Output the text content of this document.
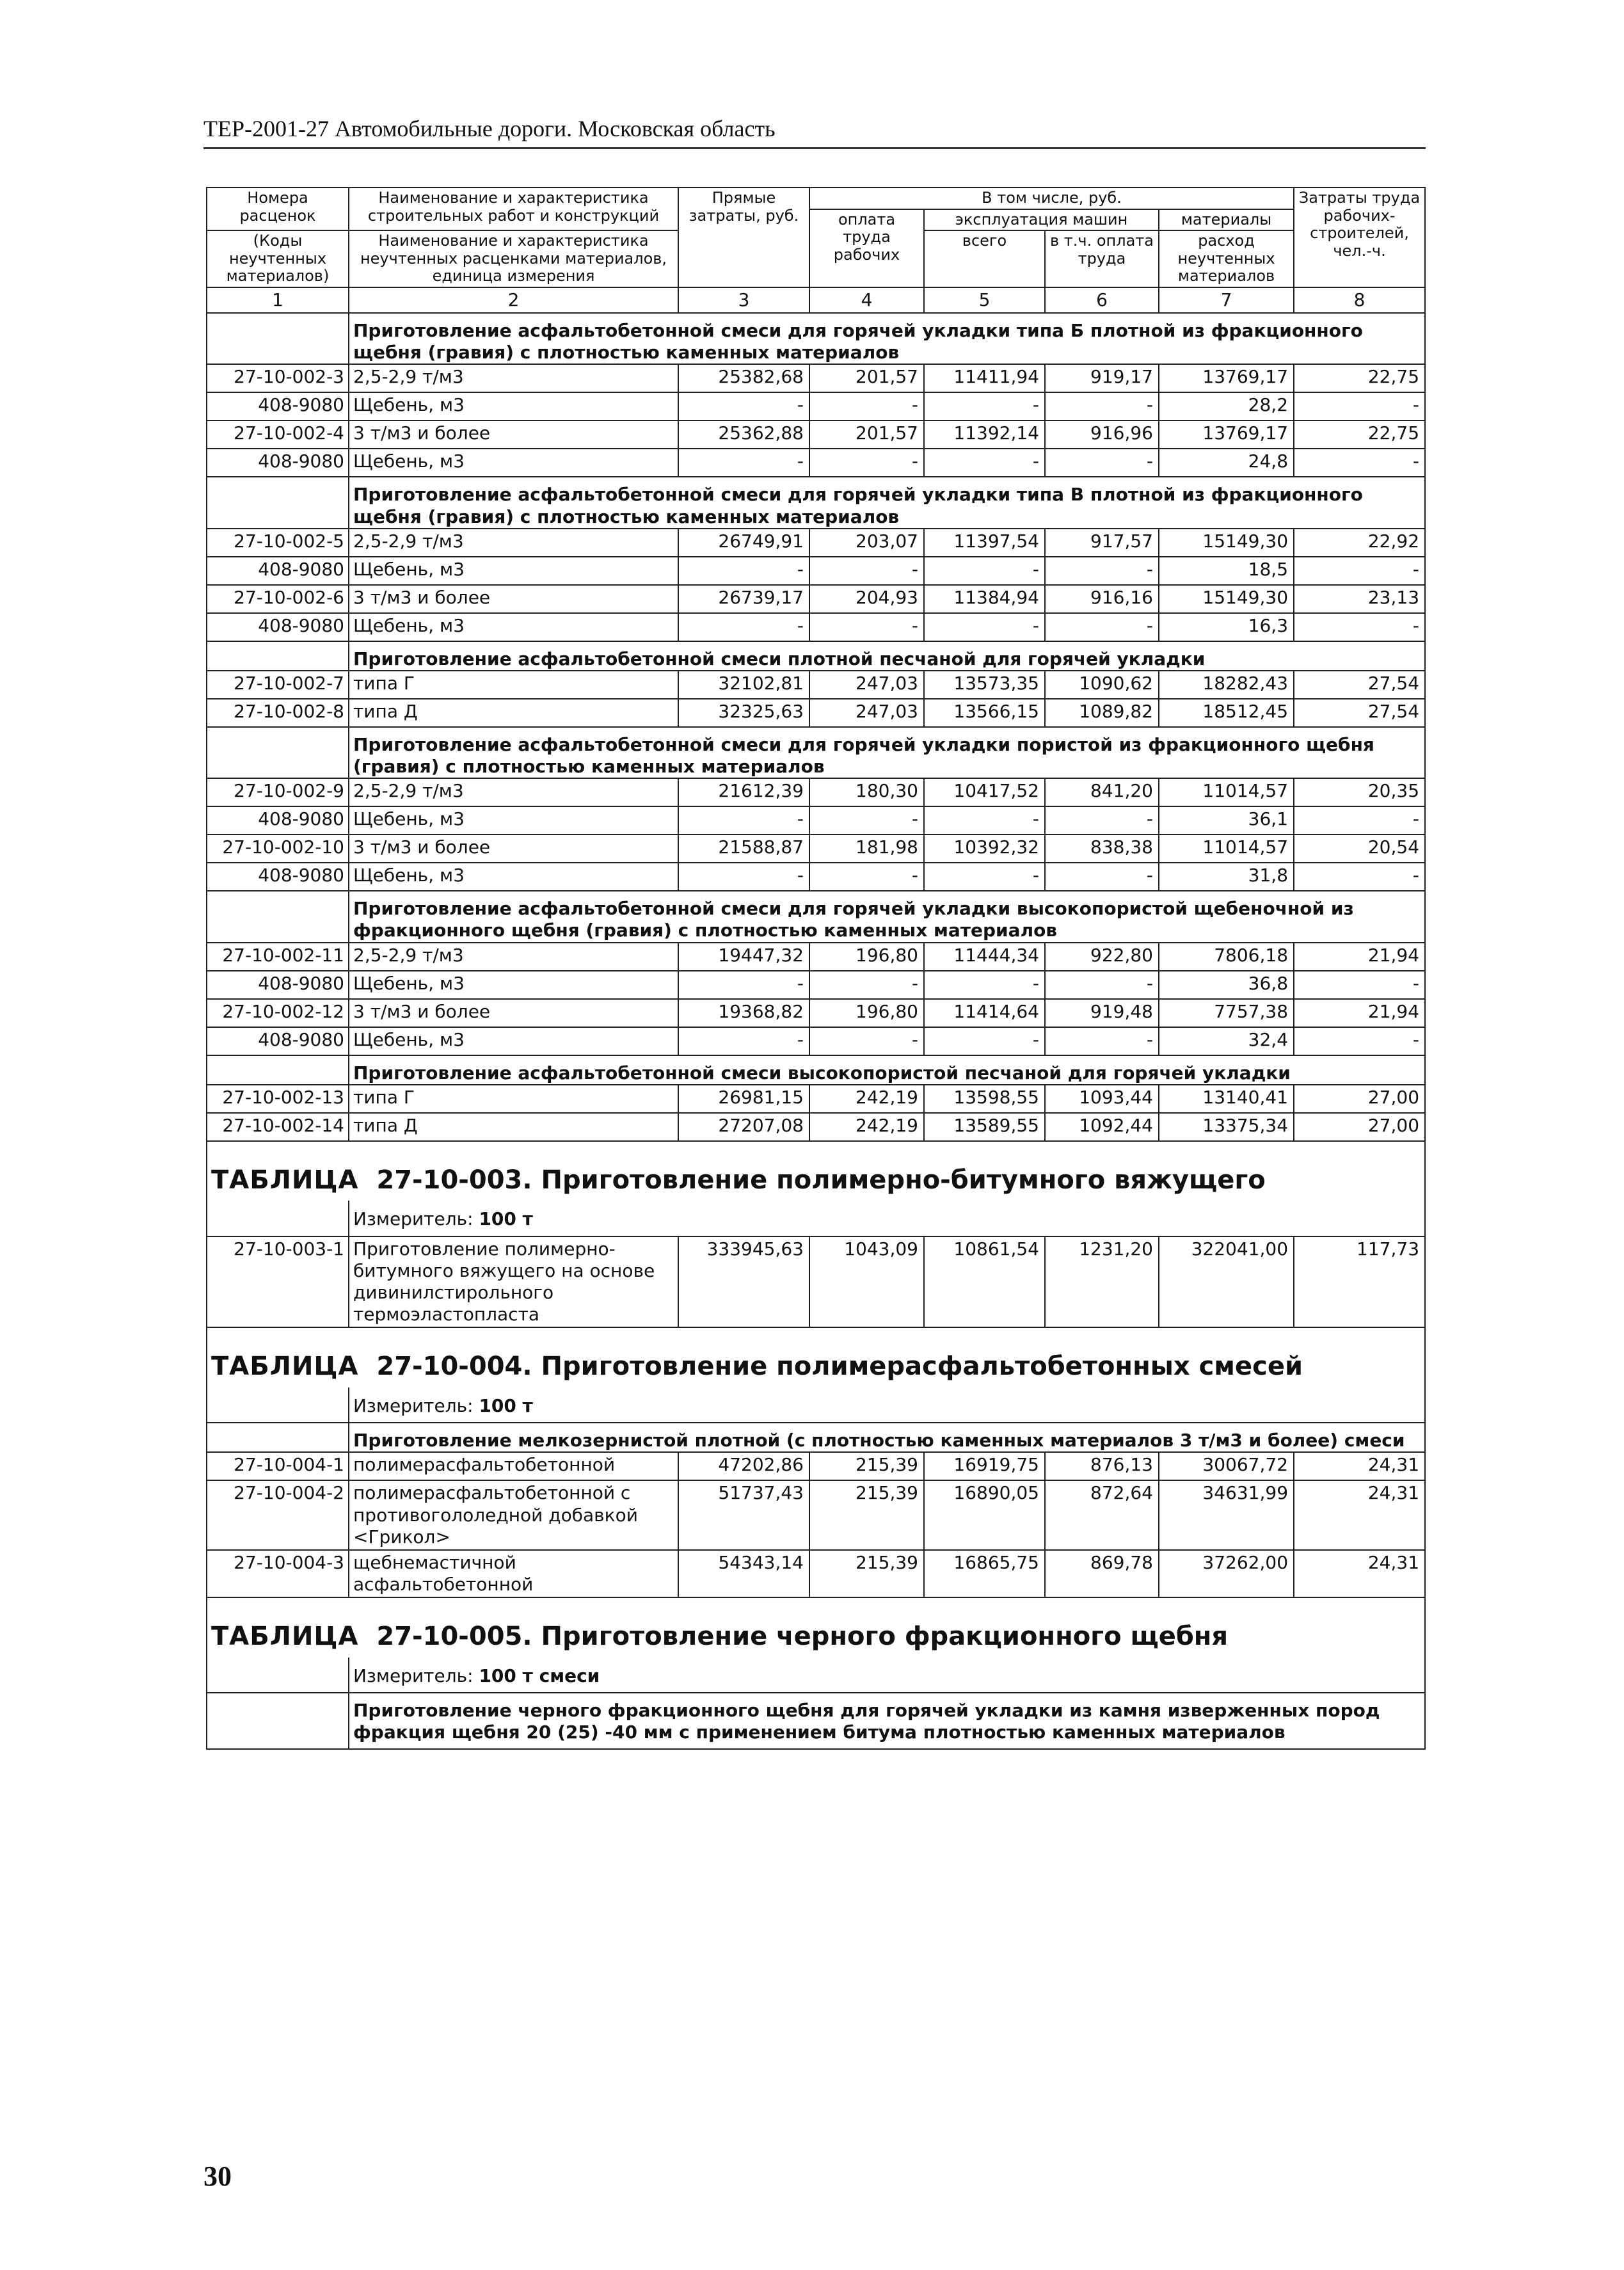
ТЕР-2001-27 Автомобильные дороги. Московская область
Номера расценок	Наименование и характеристика строительных работ и конструкций	Прямые затраты, руб.	В том числе, руб.				Затраты труда рабочих-строителей, чел.-ч.
			оплата труда рабочих	эксплуатация машин		материалы	
(Коды неучтенных материалов)	Наименование и характеристика неучтенных расценками материалов, единица измерения			всего	в т.ч. оплата труда	расход неучтенных материалов	

1	2	3	4	5	6	7	8
	Приготовление асфальтобетонной смеси для горячей укладки типа Б плотной из фракционного щебня (гравия) с плотностью каменных материалов						
27-10-002-3	2,5-2,9 т/м3	25382,68	201,57	11411,94	919,17	13769,17	22,75
408-9080	Щебень, м3	-	-	-	-	28,2	-
27-10-002-4	3 т/м3 и более	25362,88	201,57	11392,14	916,96	13769,17	22,75
408-9080	Щебень, м3	-	-	-	-	24,8	-
	Приготовление асфальтобетонной смеси для горячей укладки типа В плотной из фракционного щебня (гравия) с плотностью каменных материалов						
27-10-002-5	2,5-2,9 т/м3	26749,91	203,07	11397,54	917,57	15149,30	22,92
408-9080	Щебень, м3	-	-	-	-	18,5	-
27-10-002-6	3 т/м3 и более	26739,17	204,93	11384,94	916,16	15149,30	23,13
408-9080	Щебень, м3	-	-	-	-	16,3	-
	Приготовление асфальтобетонной смеси плотной песчаной для горячей укладки						
27-10-002-7	типа Г	32102,81	247,03	13573,35	1090,62	18282,43	27,54
27-10-002-8	типа Д	32325,63	247,03	13566,15	1089,82	18512,45	27,54
	Приготовление асфальтобетонной смеси для горячей укладки пористой из фракционного щебня (гравия) с плотностью каменных материалов						
27-10-002-9	2,5-2,9 т/м3	21612,39	180,30	10417,52	841,20	11014,57	20,35
408-9080	Щебень, м3	-	-	-	-	36,1	-
27-10-002-10	3 т/м3 и более	21588,87	181,98	10392,32	838,38	11014,57	20,54
408-9080	Щебень, м3	-	-	-	-	31,8	-
	Приготовление асфальтобетонной смеси для горячей укладки высокопористой щебеночной из фракционного щебня (гравия) с плотностью каменных материалов						
27-10-002-11	2,5-2,9 т/м3	19447,32	196,80	11444,34	922,80	7806,18	21,94
408-9080	Щебень, м3	-	-	-	-	36,8	-
27-10-002-12	3 т/м3 и более	19368,82	196,80	11414,64	919,48	7757,38	21,94
408-9080	Щебень, м3	-	-	-	-	32,4	-
	Приготовление асфальтобетонной смеси высокопористой песчаной для горячей укладки						
27-10-002-13	типа Г	26981,15	242,19	13598,55	1093,44	13140,41	27,00
27-10-002-14	типа Д	27207,08	242,19	13589,55	1092,44	13375,34	27,00
ТАБЛИЦА 27-10-003. Приготовление полимерно-битумного вяжущего							
	Измеритель: 100 т						
27-10-003-1	Приготовление полимерно-битумного вяжущего на основе дивинилстирольного термоэластопласта	333945,63	1043,09	10861,54	1231,20	322041,00	117,73
ТАБЛИЦА 27-10-004. Приготовление полимерасфальтобетонных смесей							
	Измеритель: 100 т						
	Приготовление мелкозернистой плотной (с плотностью каменных материалов 3 т/м3 и более) смеси						
27-10-004-1	полимерасфальтобетонной	47202,86	215,39	16919,75	876,13	30067,72	24,31
27-10-004-2	полимерасфальтобетонной с противогололедной добавкой <Грикол>	51737,43	215,39	16890,05	872,64	34631,99	24,31
27-10-004-3	щебнемастичной асфальтобетонной	54343,14	215,39	16865,75	869,78	37262,00	24,31
ТАБЛИЦА 27-10-005. Приготовление черного фракционного щебня							
	Измеритель: 100 т смеси						
	Приготовление черного фракционного щебня для горячей укладки из камня изверженных пород фракция щебня 20 (25) -40 мм с применением битума плотностью каменных материалов						
30
